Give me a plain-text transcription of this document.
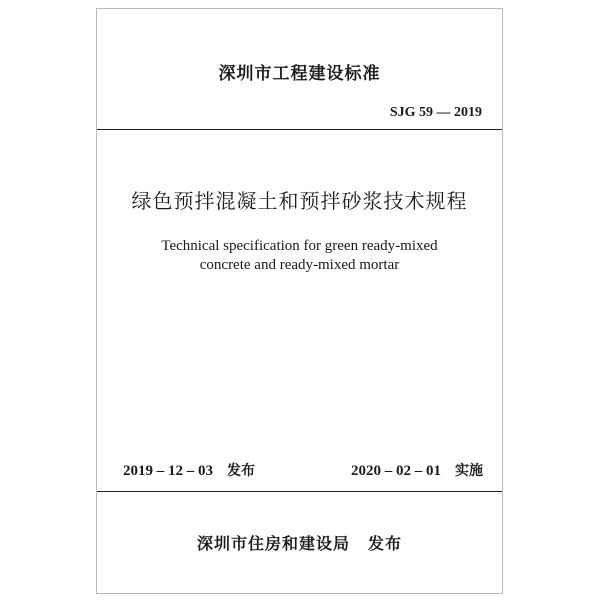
深圳市工程建设标准
SJG 59 — 2019
绿色预拌混凝土和预拌砂浆技术规程
Technical specification for green ready-mixed
concrete and ready-mixed mortar
2019 – 12 – 03 发布	2020 – 02 – 01 实施
深圳市住房和建设局 发布
